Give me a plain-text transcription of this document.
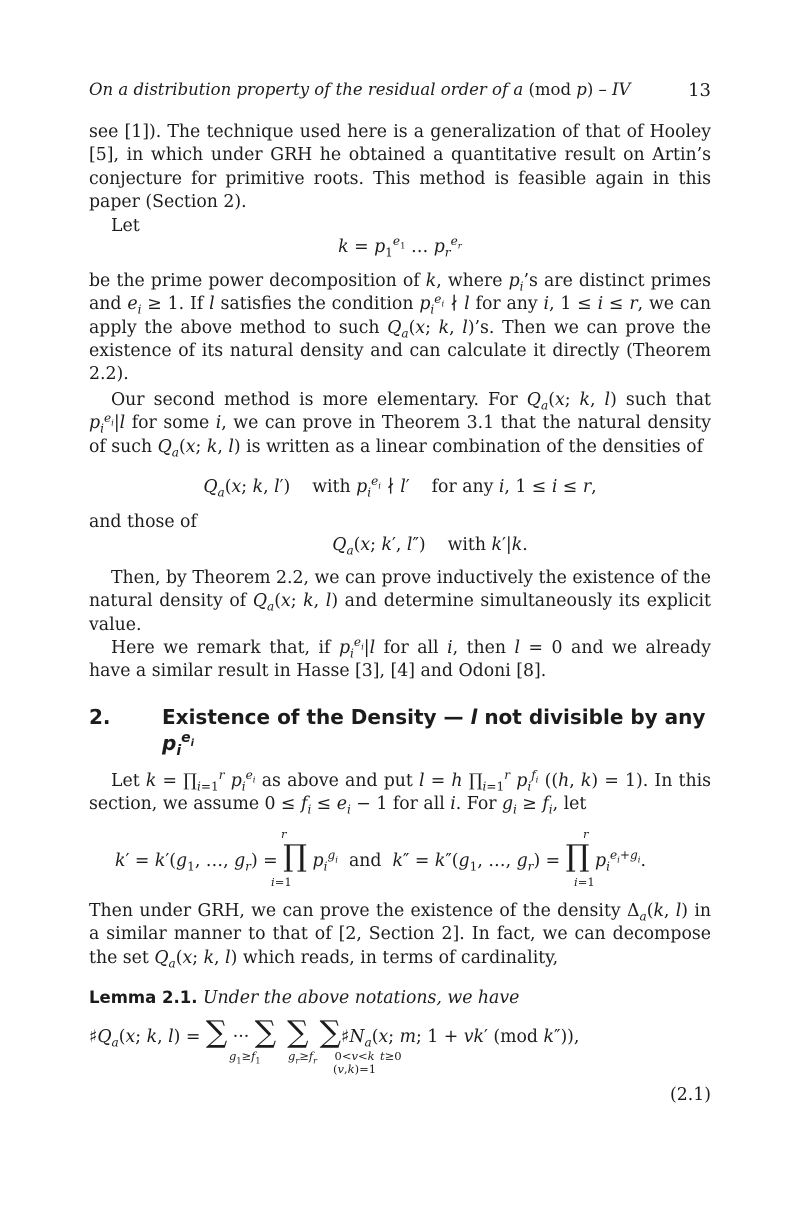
On a distribution property of the residual order of a (mod p) – IV	13

see [1]). The technique used here is a generalization of that of Hooley [5], in which under GRH he obtained a quantitative result on Artin’s conjecture for primitive roots. This method is feasible again in this paper (Section 2).

Let

$k = p_1^{e_1}$ … $p_r^{e_r}$

be the prime power decomposition of k, where $p_i’s$ are distinct primes and $e_i \ge 1$. If l satisfies the condition $p_i^{e_i}$ ∤ l for any i, 1 ≤ i ≤ r, we can apply the above method to such $Q_a(x$; k, l)’s. Then we can prove the existence of its natural density and can calculate it directly (Theorem 2.2).

Our second method is more elementary. For $Q_a(x$; k, l) such that $p_i^{e_i}|l$ for some i, we can prove in Theorem 3.1 that the natural density of such $Q_a(x$; k, l) is written as a linear combination of the densities of

$Q_a(x$; k, l′)    with $p_i^{e_i}$ ∤ l′    for any i, 1 ≤ i ≤ r,

and those of

$Q_a(x$; k′, l″)    with k′|k.

Then, by Theorem 2.2, we can prove inductively the existence of the natural density of $Q_a(x$; k, l) and determine simultaneously its explicit value.

Here we remark that, if $p_i^{e_i}|l$ for all i, then l = 0 and we already have a similar result in Hasse [3], [4] and Odoni [8].

2.	Existence of the Density — l not divisible by any $p_i^{e_i}$

Let $k = \prod_{i=1}^r$ $p_i^{e_i}$ as above and put l = h $\prod_{i=1}^r$ $p_i^{f_i}$ ((h, k) = 1). In this section, we assume $0 \le f_i \le e_i - 1$ for all i. For $g_i \ge f_i$, let

r	r
$k' = k'(g_1$, …, $g_r$) = ∏ $p_i^{g_i}$  and  $k'' = k''(g_1$, …, $g_r$) = ∏ $p_i^{e_i+g_i}$.
i=1	i=1

Then under GRH, we can prove the existence of the density $\Delta_a(k$, l) in a similar manner to that of [2, Section 2]. In fact, we can decompose the set $Q_a(x$; k, l) which reads, in terms of cardinality,

Lemma 2.1. Under the above notations, we have

$♯Q_a(x$; k, l) = ∑ ··· ∑ ∑ $\sum♯N_a(x$; m; 1 + vk′ (mod k″)),
$g_1\ge f_1$ $g_r\ge f_r$ 0<v<k
(v,k)=1
t≥0
(2.1)
